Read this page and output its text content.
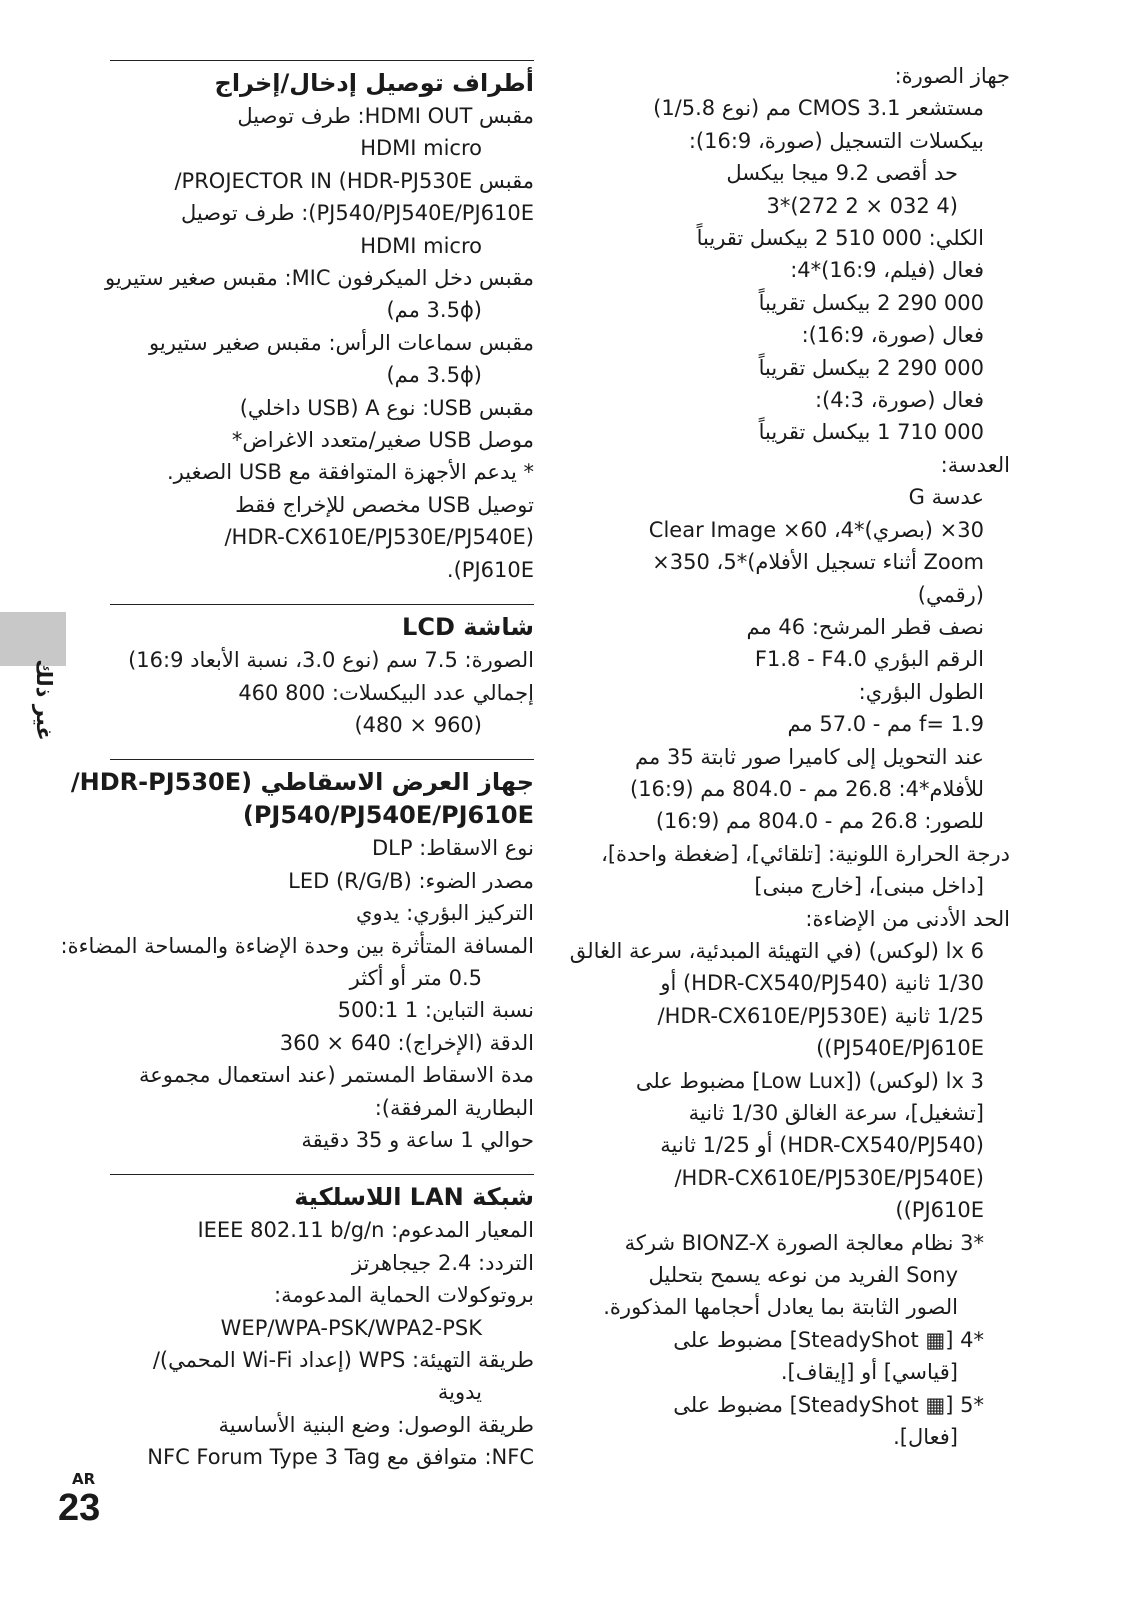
أطراف توصيل إدخال/إخراج
مقبس HDMI OUT: طرف توصيل
HDMI micro
مقبس PROJECTOR IN (HDR-PJ530E/
PJ540/PJ540E/PJ610E): طرف توصيل
HDMI micro
مقبس دخل الميكرفون MIC: مقبس صغير ستيريو
(3.5ϕ مم)
مقبس سماعات الرأس: مقبس صغير ستيريو
(3.5ϕ مم)
مقبس USB: نوع A (USB داخلي)
موصل USB صغير/متعدد الاغراض*
* يدعم الأجهزة المتوافقة مع USB الصغير.
توصيل USB مخصص للإخراج فقط
(HDR-CX610E/PJ530E/PJ540E/
PJ610E).
شاشة LCD
الصورة: 7.5 سم (نوع 3.0، نسبة الأبعاد 16:9)
إجمالي عدد البيكسلات: 800 460
(960 × 480)
جهاز العرض الاسقاطي (HDR-PJ530E/
PJ540/PJ540E/PJ610E)
نوع الاسقاط: DLP
مصدر الضوء: LED (R/G/B)
التركيز البؤري: يدوي
المسافة المتأثرة بين وحدة الإضاءة والمساحة المضاءة:
0.5 متر أو أكثر
نسبة التباين: 1 500:1
الدقة (الإخراج): 640 × 360
مدة الاسقاط المستمر (عند استعمال مجموعة
البطارية المرفقة):
حوالي 1 ساعة و 35 دقيقة
شبكة LAN اللاسلكية
المعيار المدعوم: IEEE 802.11 b/g/n
التردد: 2.4 جيجاهرتز
بروتوكولات الحماية المدعومة:
WEP/WPA-PSK/WPA2-PSK
طريقة التهيئة: WPS (إعداد Wi-Fi المحمي)/
يدوية
طريقة الوصول: وضع البنية الأساسية
NFC: متوافق مع NFC Forum Type 3 Tag
جهاز الصورة:
مستشعر CMOS 3.1 مم (نوع 1/5.8)
بيكسلات التسجيل (صورة، 16:9):
حد أقصى 9.2 ميجا بيكسل
(4 032 × 2 272)*3
الكلي: 000 510 2 بيكسل تقريباً
فعال (فيلم، 16:9)*4:
000 290 2 بيكسل تقريباً
فعال (صورة، 16:9):
000 290 2 بيكسل تقريباً
فعال (صورة، 4:3):
000 710 1 بيكسل تقريباً
العدسة:
عدسة G
30× (بصري)*4، 60× Clear Image
Zoom أثناء تسجيل الأفلام)*5، 350×
(رقمي)
نصف قطر المرشح: 46 مم
الرقم البؤري F1.8 - F4.0
الطول البؤري:
f= 1.9 مم - 57.0 مم
عند التحويل إلى كاميرا صور ثابتة 35 مم
للأفلام*4: 26.8 مم - 804.0 مم (16:9)
للصور: 26.8 مم - 804.0 مم (16:9)
درجة الحرارة اللونية: [تلقائي]، [ضغطة واحدة]،
[داخل مبنى]، [خارج مبنى]
الحد الأدنى من الإضاءة:
6 lx (لوكس) (في التهيئة المبدئية، سرعة الغالق
1/30 ثانية (HDR-CX540/PJ540) أو
1/25 ثانية (HDR-CX610E/PJ530E/
PJ540E/PJ610E))
3 lx (لوكس) ([Low Lux] مضبوط على
[تشغيل]، سرعة الغالق 1/30 ثانية
(HDR-CX540/PJ540) أو 1/25 ثانية
(HDR-CX610E/PJ530E/PJ540E/
PJ610E))
*3 نظام معالجة الصورة BIONZ-X شركة
Sony الفريد من نوعه يسمح بتحليل
الصور الثابتة بما يعادل أحجامها المذكورة.
*4 [▦ SteadyShot] مضبوط على
[قياسي] أو [إيقاف].
*5 [▦ SteadyShot] مضبوط على
[فعال].
غير ذلك
AR
23
